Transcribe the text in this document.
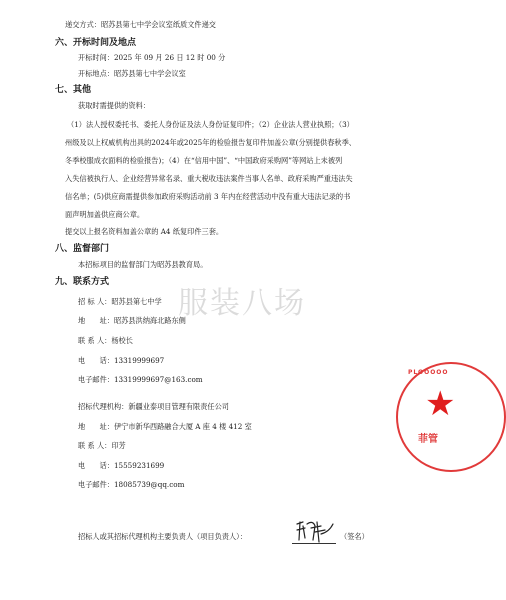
递交方式：昭苏县第七中学会议室纸质文件递交
六、开标时间及地点
开标时间：2025 年 09 月 26 日 12 时 00 分
开标地点：昭苏县第七中学会议室
七、其他
获取时需提供的资料：
（1）法人授权委托书、委托人身份证及法人身份证复印件；（2）企业法人营业执照；（3）
州级及以上权威机构出具的2024年或2025年的检验报告复印件加盖公章(分别提供春秋季、
冬季校服成衣面料的检验报告)；（4）在“信用中国”、“中国政府采购网”等网站上未被列
入失信被执行人、企业经营异常名录、重大税收违法案件当事人名单、政府采购严重违法失
信名单；(5)供应商需提供参加政府采购活动前 3 年内在经营活动中没有重大违法记录的书
面声明加盖供应商公章。
提交以上报名资料加盖公章的 A4 纸复印件三套。
八、监督部门
本招标项目的监督部门为昭苏县教育局。
九、联系方式
招 标 人：昭苏县第七中学
地　　址：昭苏县洪纳海北路东侧
联 系 人：杨校长
电　　话：13319999697
电子邮件：13319999697@163.com
招标代理机构：新疆业泰项目管理有限责任公司
地　　址：伊宁市新华西路融合大厦 A 座 4 楼 412 室
联 系 人：印芳
电　　话：15559231699
电子邮件：18085739@qq.com
招标人或其招标代理机构主要负责人（项目负责人）：	（签名）
服装八场
PLOOOOO
★
菲管
